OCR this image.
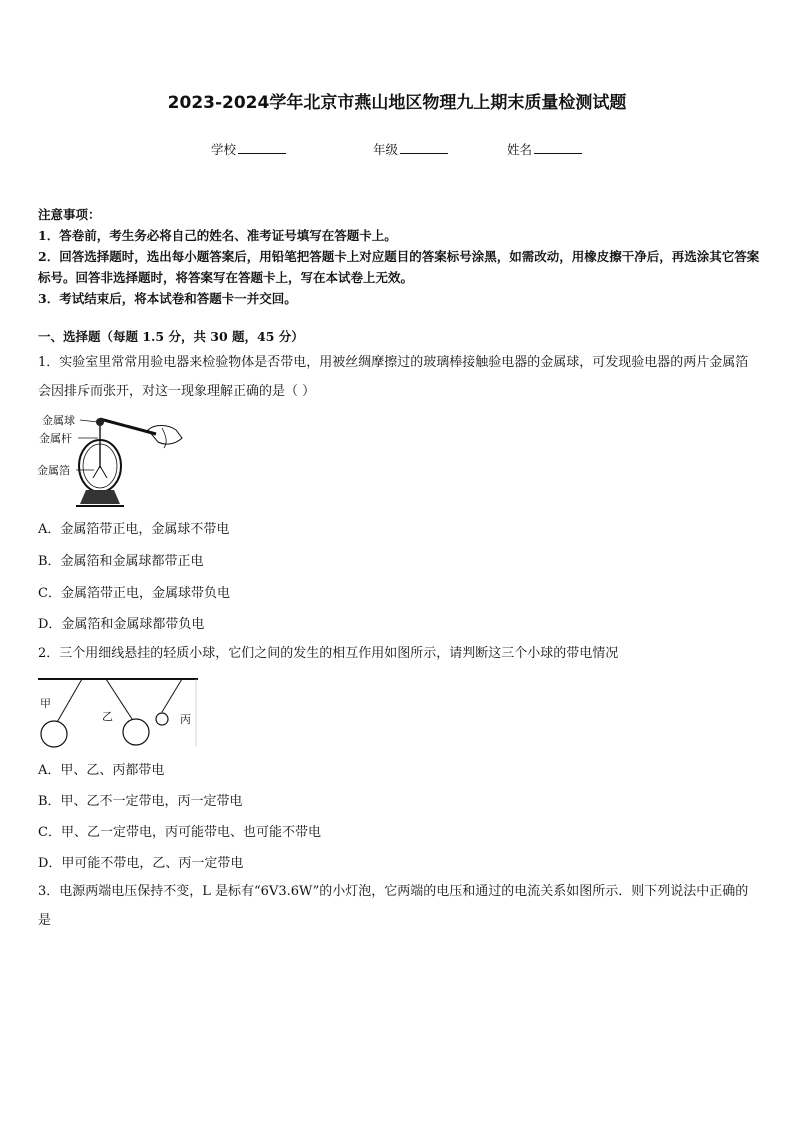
2023-2024学年北京市燕山地区物理九上期末质量检测试题
学校	年级	姓名

注意事项：

1．答卷前，考生务必将自己的姓名、准考证号填写在答题卡上。

2．回答选择题时，选出每小题答案后，用铅笔把答题卡上对应题目的答案标号涂黑，如需改动，用橡皮擦干净后，再选涂其它答案标号。回答非选择题时，将答案写在答题卡上，写在本试卷上无效。

3．考试结束后，将本试卷和答题卡一并交回。

一、选择题（每题 1.5 分，共 30 题，45 分）

1．实验室里常常用验电器来检验物体是否带电，用被丝绸摩擦过的玻璃棒接触验电器的金属球，可发现验电器的两片金属箔会因排斥而张开，对这一现象理解正确的是（ ）

金属球
金属杆
金属箔
A．金属箔带正电，金属球不带电
B．金属箔和金属球都带正电
C．金属箔带正电，金属球带负电
D．金属箔和金属球都带负电

2．三个用细线悬挂的轻质小球，它们之间的发生的相互作用如图所示，请判断这三个小球的带电情况

甲
乙	丙
A．甲、乙、丙都带电
B．甲、乙不一定带电，丙一定带电
C．甲、乙一定带电，丙可能带电、也可能不带电
D．甲可能不带电，乙、丙一定带电

3．电源两端电压保持不变，L 是标有“6V3.6W”的小灯泡，它两端的电压和通过的电流关系如图所示．则下列说法中正确的是
